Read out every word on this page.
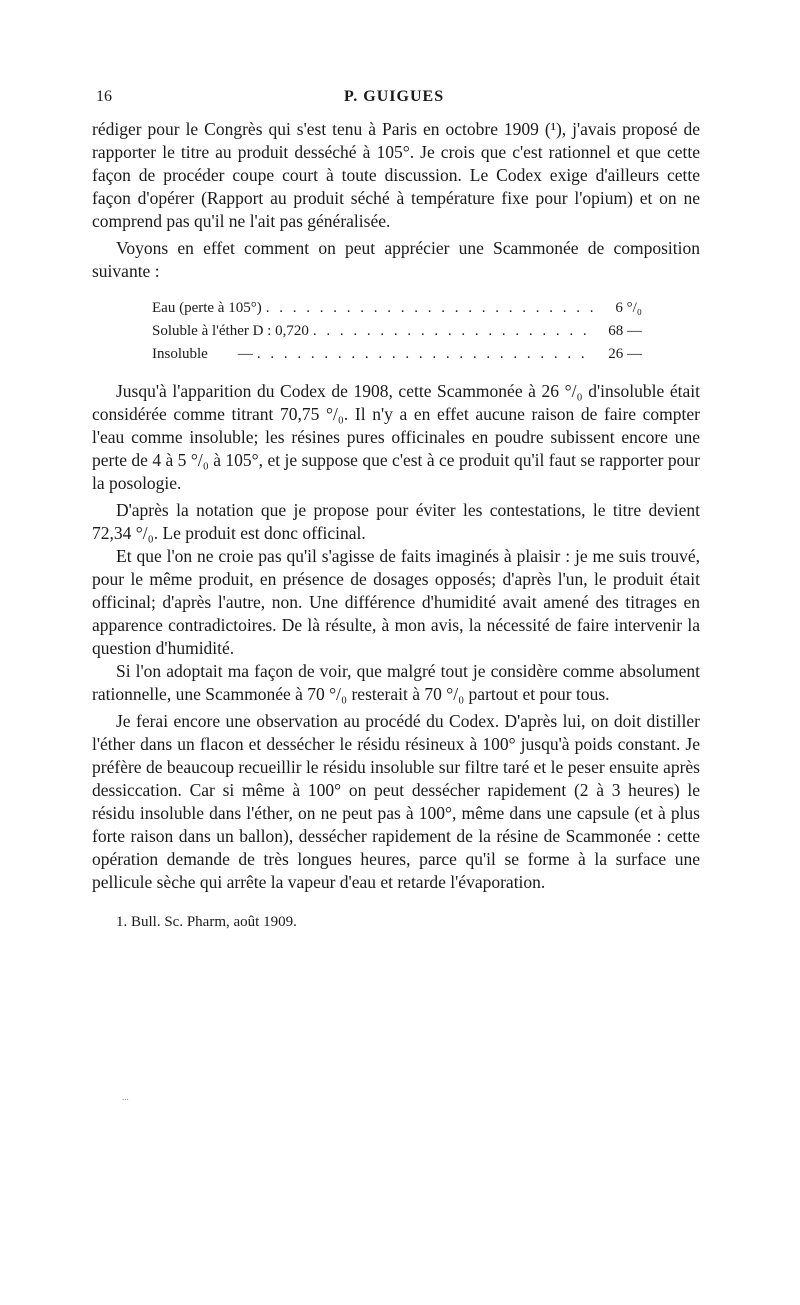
16	P. GUIGUES

rédiger pour le Congrès qui s'est tenu à Paris en octobre 1909 (¹), j'avais proposé de rapporter le titre au produit desséché à 105°. Je crois que c'est rationnel et que cette façon de procéder coupe court à toute discussion. Le Codex exige d'ailleurs cette façon d'opérer (Rapport au produit séché à température fixe pour l'opium) et on ne comprend pas qu'il ne l'ait pas généralisée.

Voyons en effet comment on peut apprécier une Scammonée de composition suivante :

Eau (perte à 105°) . . .	6 °/₀
Soluble à l'éther D : 0,720 . . .	68 —
Insoluble        — . . .	26 —

Jusqu'à l'apparition du Codex de 1908, cette Scammonée à 26 °/₀ d'insoluble était considérée comme titrant 70,75 °/₀. Il n'y a en effet aucune raison de faire compter l'eau comme insoluble; les résines pures officinales en poudre subissent encore une perte de 4 à 5 °/₀ à 105°, et je suppose que c'est à ce produit qu'il faut se rapporter pour la posologie.

D'après la notation que je propose pour éviter les contestations, le titre devient 72,34 °/₀. Le produit est donc officinal.

Et que l'on ne croie pas qu'il s'agisse de faits imaginés à plaisir : je me suis trouvé, pour le même produit, en présence de dosages opposés; d'après l'un, le produit était officinal; d'après l'autre, non. Une différence d'humidité avait amené des titrages en apparence contradictoires. De là résulte, à mon avis, la nécessité de faire intervenir la question d'humidité.

Si l'on adoptait ma façon de voir, que malgré tout je considère comme absolument rationnelle, une Scammonée à 70 °/₀ resterait à 70 °/₀ partout et pour tous.

Je ferai encore une observation au procédé du Codex. D'après lui, on doit distiller l'éther dans un flacon et dessécher le résidu résineux à 100° jusqu'à poids constant. Je préfère de beaucoup recueillir le résidu insoluble sur filtre taré et le peser ensuite après dessiccation. Car si même à 100° on peut dessécher rapidement (2 à 3 heures) le résidu insoluble dans l'éther, on ne peut pas à 100°, même dans une capsule (et à plus forte raison dans un ballon), dessécher rapidement de la résine de Scammonée : cette opération demande de très longues heures, parce qu'il se forme à la surface une pellicule sèche qui arrête la vapeur d'eau et retarde l'évaporation.

1. Bull. Sc. Pharm, août 1909.
...
